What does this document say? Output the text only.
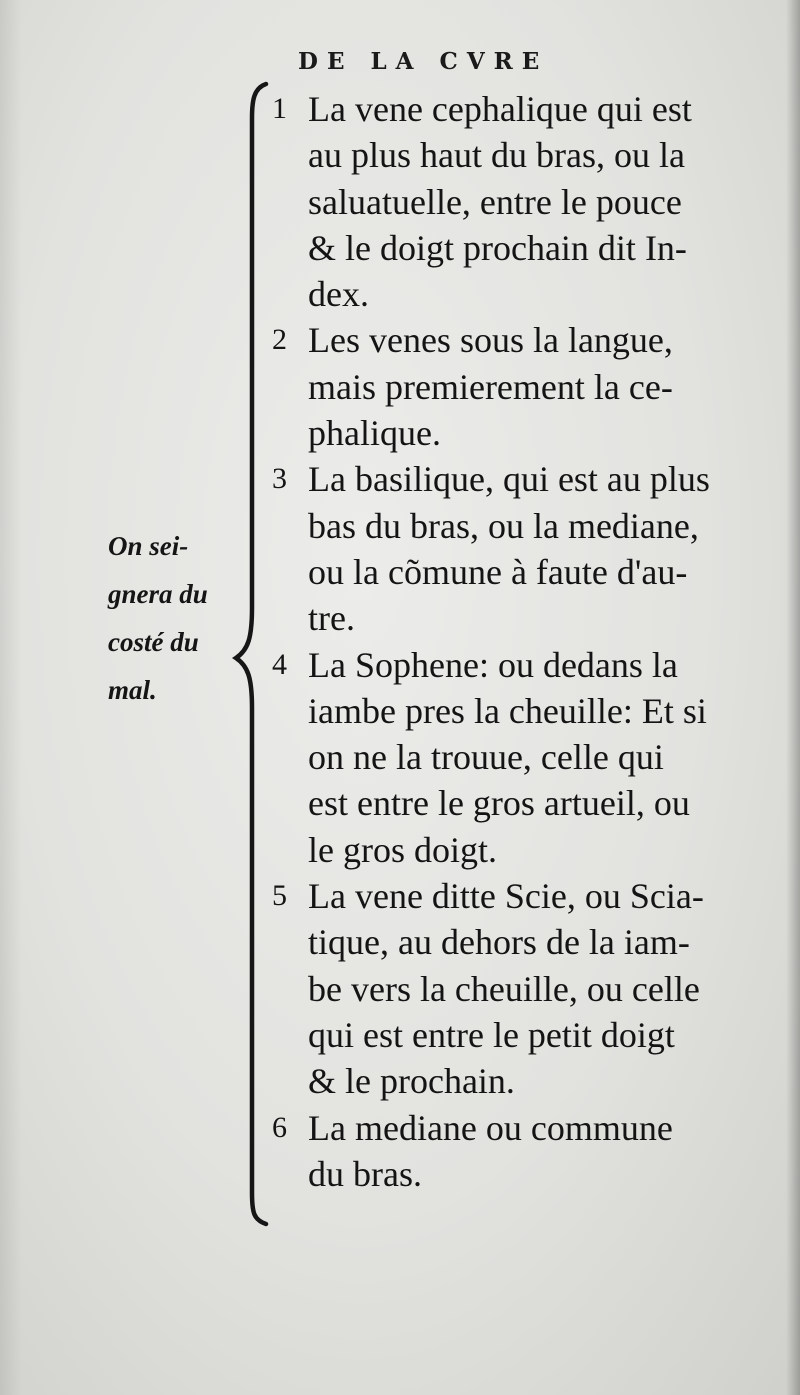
DE LA CVRE
On sei-
gnera du
costé du
mal.
1 La vene cephalique qui est
au plus haut du bras, ou la
saluatuelle, entre le pouce
& le doigt prochain dit In-
dex.
2 Les venes sous la langue,
mais premierement la ce-
phalique.
3 La basilique, qui est au plus
bas du bras, ou la mediane,
ou la cõmune à faute d'au-
tre.
4 La Sophene: ou dedans la
iambe pres la cheuille: Et si
on ne la trouue, celle qui
est entre le gros artueil, ou
le gros doigt.
5 La vene ditte Scie, ou Scia-
tique, au dehors de la iam-
be vers la cheuille, ou celle
qui est entre le petit doigt
& le prochain.
6 La mediane ou commune
du bras.
